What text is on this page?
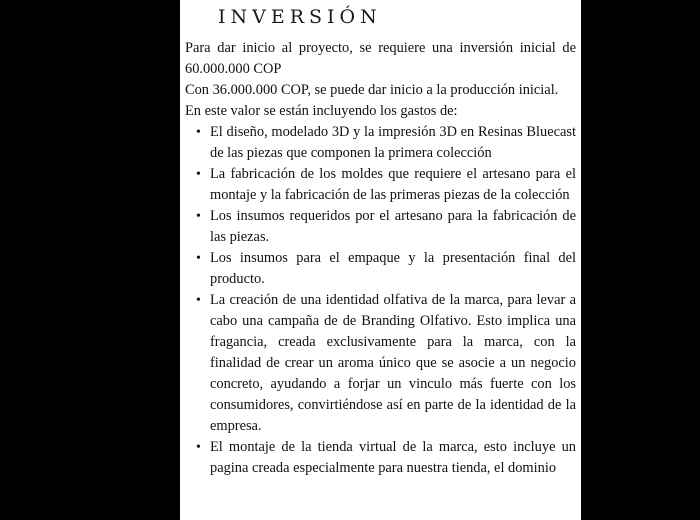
INVERSIÓN

Para dar inicio al proyecto, se requiere una inversión inicial de 60.000.000 COP

Con 36.000.000 COP, se puede dar inicio a la producción inicial.

En este valor se están incluyendo los gastos de:

• El diseño, modelado 3D y la impresión 3D en Resinas Bluecast de las piezas que componen la primera colección
• La fabricación de los moldes que requiere el artesano para el montaje y la fabricación de las primeras piezas de la colección
• Los insumos requeridos por el artesano para la fabricación de las piezas.
• Los insumos para el empaque y la presentación final del producto.
• La creación de una identidad olfativa de la marca, para levar a cabo una campaña de de Branding Olfativo. Esto implica una fragancia, creada exclusivamente para la marca, con la finalidad de crear un aroma único que se asocie a un negocio concreto, ayudando a forjar un vinculo más fuerte con los consumidores, convirtiéndose así en parte de la identidad de la empresa.
• El montaje de la tienda virtual de la marca, esto incluye un pagina creada especialmente para nuestra tienda, el dominio
